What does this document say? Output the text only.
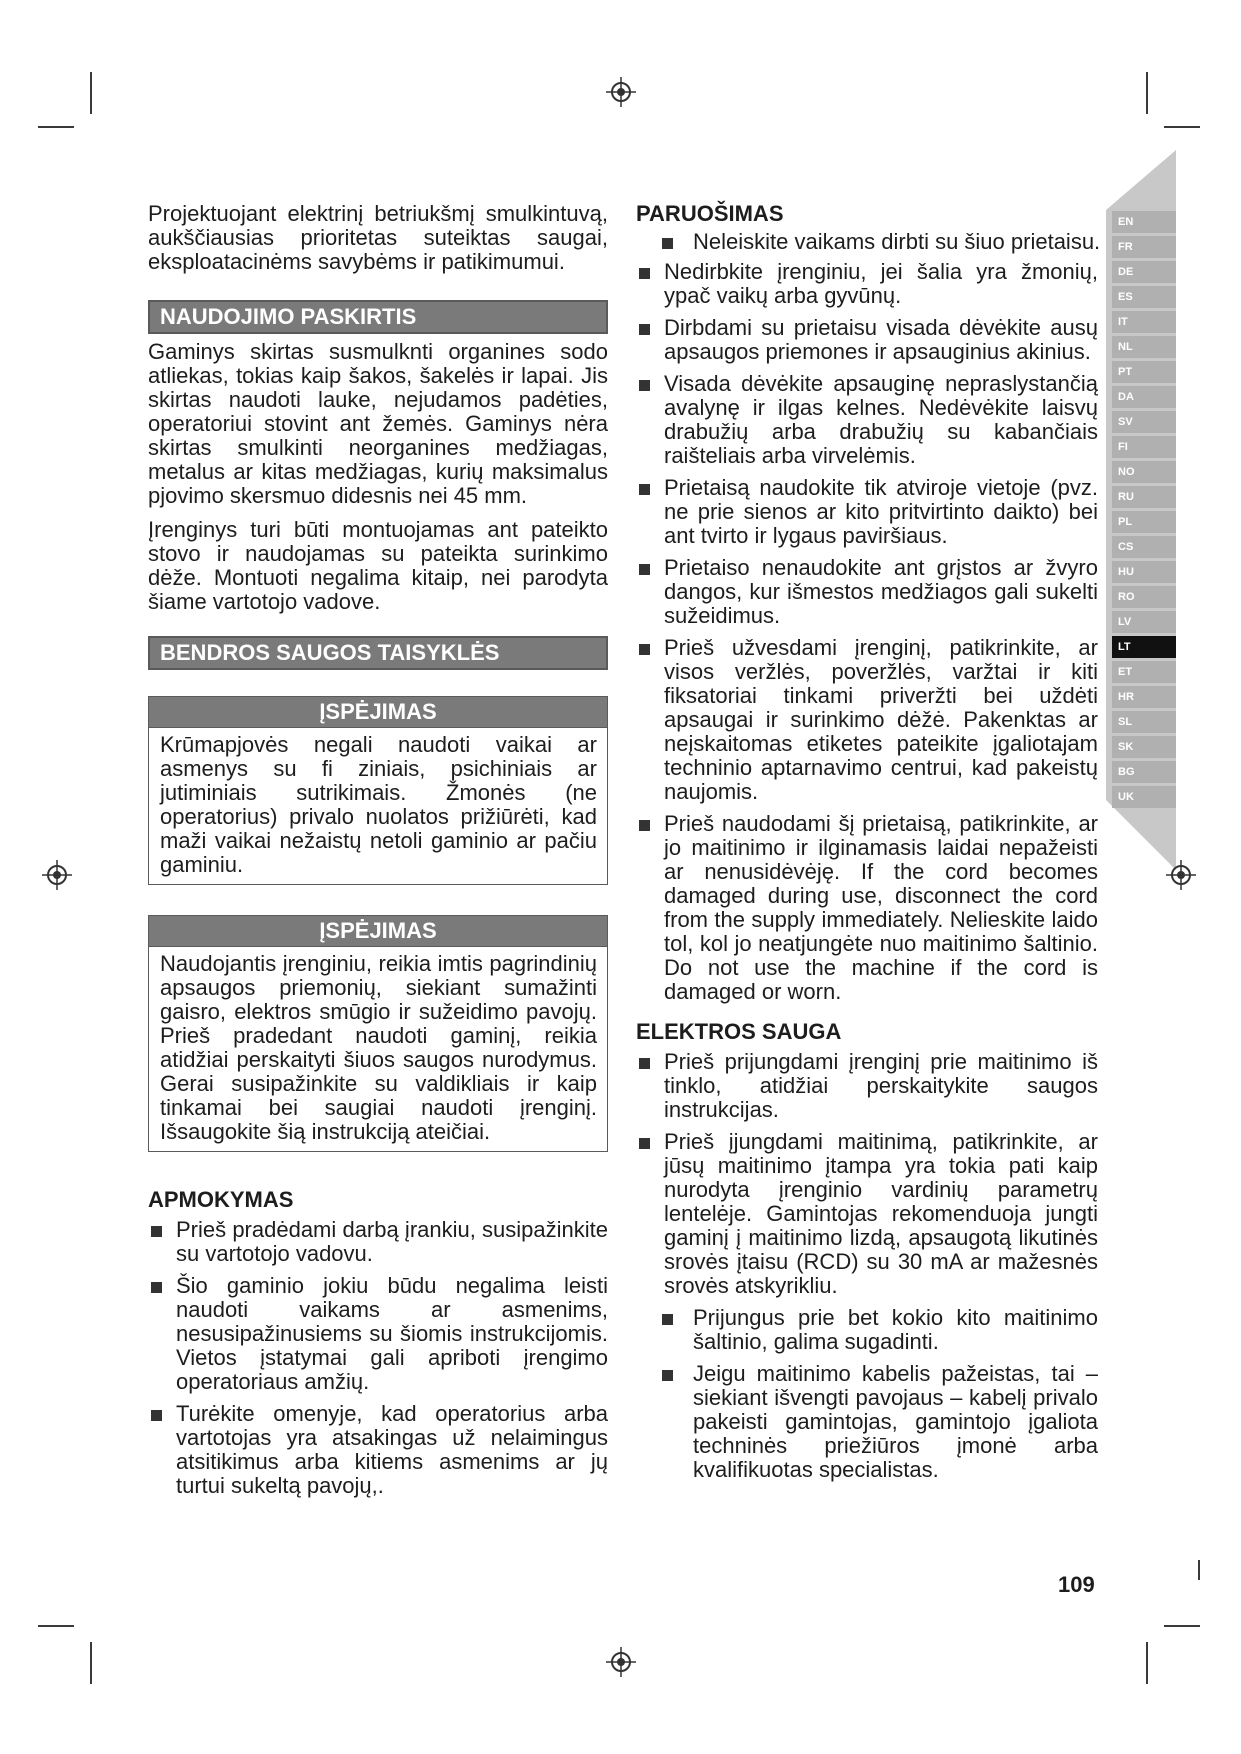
EN
FR
DE
ES
IT
NL
PT
DA
SV
FI
NO
RU
PL
CS
HU
RO
LV
LT
ET
HR
SL
SK
BG
UK

Projektuojant elektrinį betriukšmį smulkintuvą, aukščiausias prioritetas suteiktas saugai, eksploatacinėms savybėms ir patikimumui.

NAUDOJIMO PASKIRTIS

Gaminys skirtas susmulknti organines sodo atliekas, tokias kaip šakos, šakelės ir lapai. Jis skirtas naudoti lauke, nejudamos padėties, operatoriui stovint ant žemės. Gaminys nėra skirtas smulkinti neorganines medžiagas, metalus ar kitas medžiagas, kurių maksimalus pjovimo skersmuo didesnis nei 45 mm.

Įrenginys turi būti montuojamas ant pateikto stovo ir naudojamas su pateikta surinkimo dėže. Montuoti negalima kitaip, nei parodyta šiame vartotojo vadove.

BENDROS SAUGOS TAISYKLĖS
ĮSPĖJIMAS
Krūmapjovės negali naudoti vaikai ar asmenys su fi ziniais, psichiniais ar jutiminiais sutrikimais. Žmonės (ne operatorius) privalo nuolatos prižiūrėti, kad maži vaikai nežaistų netoli gaminio ar pačiu gaminiu.
ĮSPĖJIMAS
Naudojantis įrenginiu, reikia imtis pagrindinių apsaugos priemonių, siekiant sumažinti gaisro, elektros smūgio ir sužeidimo pavojų. Prieš pradedant naudoti gaminį, reikia atidžiai perskaityti šiuos saugos nurodymus. Gerai susipažinkite su valdikliais ir kaip tinkamai bei saugiai naudoti įrenginį. Išsaugokite šią instrukciją ateičiai.

APMOKYMAS

Prieš pradėdami darbą įrankiu, susipažinkite su vartotojo vadovu.
Šio gaminio jokiu būdu negalima leisti naudoti vaikams ar asmenims, nesusipažinusiems su šiomis instrukcijomis. Vietos įstatymai gali apriboti įrengimo operatoriaus amžių.
Turėkite omenyje, kad operatorius arba vartotojas yra atsakingas už nelaimingus atsitikimus arba kitiems asmenims ar jų turtui sukeltą pavojų,.

PARUOŠIMAS

Neleiskite vaikams dirbti su šiuo prietaisu.
Nedirbkite įrenginiu, jei šalia yra žmonių, ypač vaikų arba gyvūnų.
Dirbdami su prietaisu visada dėvėkite ausų apsaugos priemones ir apsauginius akinius.
Visada dėvėkite apsauginę nepraslystančią avalynę ir ilgas kelnes. Nedėvėkite laisvų drabužių arba drabužių su kabančiais raišteliais arba virvelėmis.
Prietaisą naudokite tik atviroje vietoje (pvz. ne prie sienos ar kito pritvirtinto daikto) bei ant tvirto ir lygaus paviršiaus.
Prietaiso nenaudokite ant grįstos ar žvyro dangos, kur išmestos medžiagos gali sukelti sužeidimus.
Prieš užvesdami įrenginį, patikrinkite, ar visos veržlės, poveržlės, varžtai ir kiti fiksatoriai tinkami priveržti bei uždėti apsaugai ir surinkimo dėžė. Pakenktas ar neįskaitomas etiketes pateikite įgaliotajam techninio aptarnavimo centrui, kad pakeistų naujomis.
Prieš naudodami šį prietaisą, patikrinkite, ar jo maitinimo ir ilginamasis laidai nepažeisti ar nenusidėvėję. If the cord becomes damaged during use, disconnect the cord from the supply immediately. Nelieskite laido tol, kol jo neatjungėte nuo maitinimo šaltinio. Do not use the machine if the cord is damaged or worn.

ELEKTROS SAUGA

Prieš prijungdami įrenginį prie maitinimo iš tinklo, atidžiai perskaitykite saugos instrukcijas.
Prieš įjungdami maitinimą, patikrinkite, ar jūsų maitinimo įtampa yra tokia pati kaip nurodyta įrenginio vardinių parametrų lentelėje. Gamintojas rekomenduoja jungti gaminį į maitinimo lizdą, apsaugotą likutinės srovės įtaisu (RCD) su 30 mA ar mažesnės srovės atskyrikliu.
Prijungus prie bet kokio kito maitinimo šaltinio, galima sugadinti.
Jeigu maitinimo kabelis pažeistas, tai – siekiant išvengti pavojaus – kabelį privalo pakeisti gamintojas, gamintojo įgaliota techninės priežiūros įmonė arba kvalifikuotas specialistas.
109
